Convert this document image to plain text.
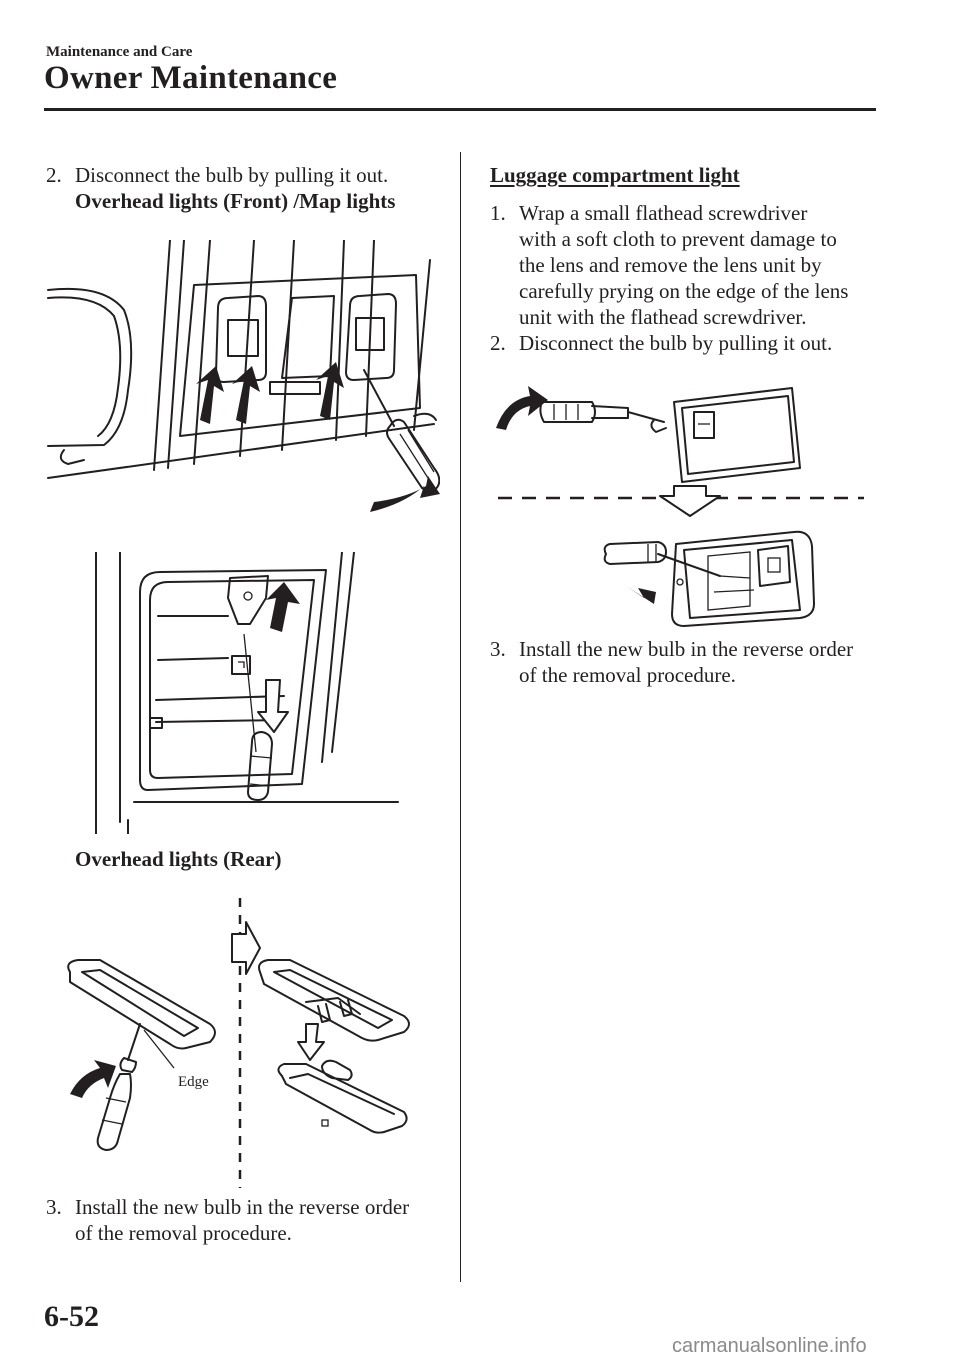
Maintenance and Care
Owner Maintenance
2. Disconnect the bulb by pulling it out.
Overhead lights (Front) /Map lights
Overhead lights (Rear)
Edge
3. Install the new bulb in the reverse order
of the removal procedure.
Luggage compartment light
1. Wrap a small flathead screwdriver
with a soft cloth to prevent damage to
the lens and remove the lens unit by
carefully prying on the edge of the lens
unit with the flathead screwdriver.
2. Disconnect the bulb by pulling it out.
3. Install the new bulb in the reverse order
of the removal procedure.
6-52
carmanualsonline.info
